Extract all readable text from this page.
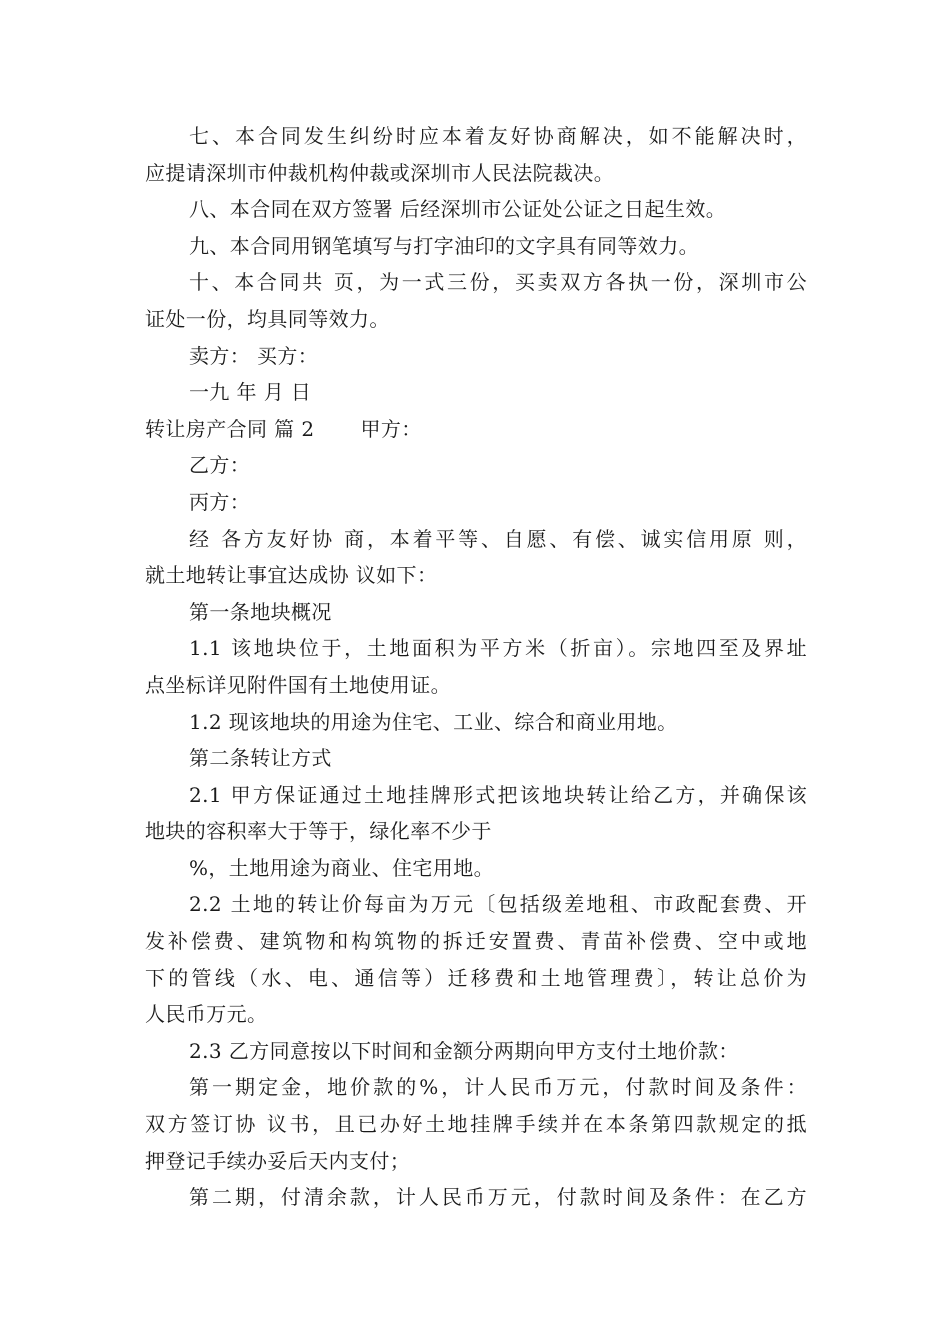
七、本合同发生纠纷时应本着友好协商解决，如不能解决时，
应提请深圳市仲裁机构仲裁或深圳市人民法院裁决。
八、本合同在双方签署 后经深圳市公证处公证之日起生效。
九、本合同用钢笔填写与打字油印的文字具有同等效力。
十、本合同共 页，为一式三份，买卖双方各执一份，深圳市公
证处一份，均具同等效力。
卖方： 买方：
一九 年 月 日
转让房产合同 篇 2 甲方：
乙方：
丙方：
经 各方友好协 商，本着平等、自愿、有偿、诚实信用原 则，
就土地转让事宜达成协 议如下：
第一条地块概况
1.1 该地块位于，土地面积为平方米（折亩）。宗地四至及界址
点坐标详见附件国有土地使用证。
1.2 现该地块的用途为住宅、工业、综合和商业用地。
第二条转让方式
2.1 甲方保证通过土地挂牌形式把该地块转让给乙方，并确保该
地块的容积率大于等于，绿化率不少于
%，土地用途为商业、住宅用地。
2.2 土地的转让价每亩为万元〔包括级差地租、市政配套费、开
发补偿费、建筑物和构筑物的拆迁安置费、青苗补偿费、空中或地
下的管线（水、电、通信等）迁移费和土地管理费〕，转让总价为
人民币万元。
2.3 乙方同意按以下时间和金额分两期向甲方支付土地价款：
第一期定金，地价款的%，计人民币万元，付款时间及条件：
双方签订协 议书，且已办好土地挂牌手续并在本条第四款规定的抵
押登记手续办妥后天内支付；
第二期，付清余款，计人民币万元，付款时间及条件：在乙方
